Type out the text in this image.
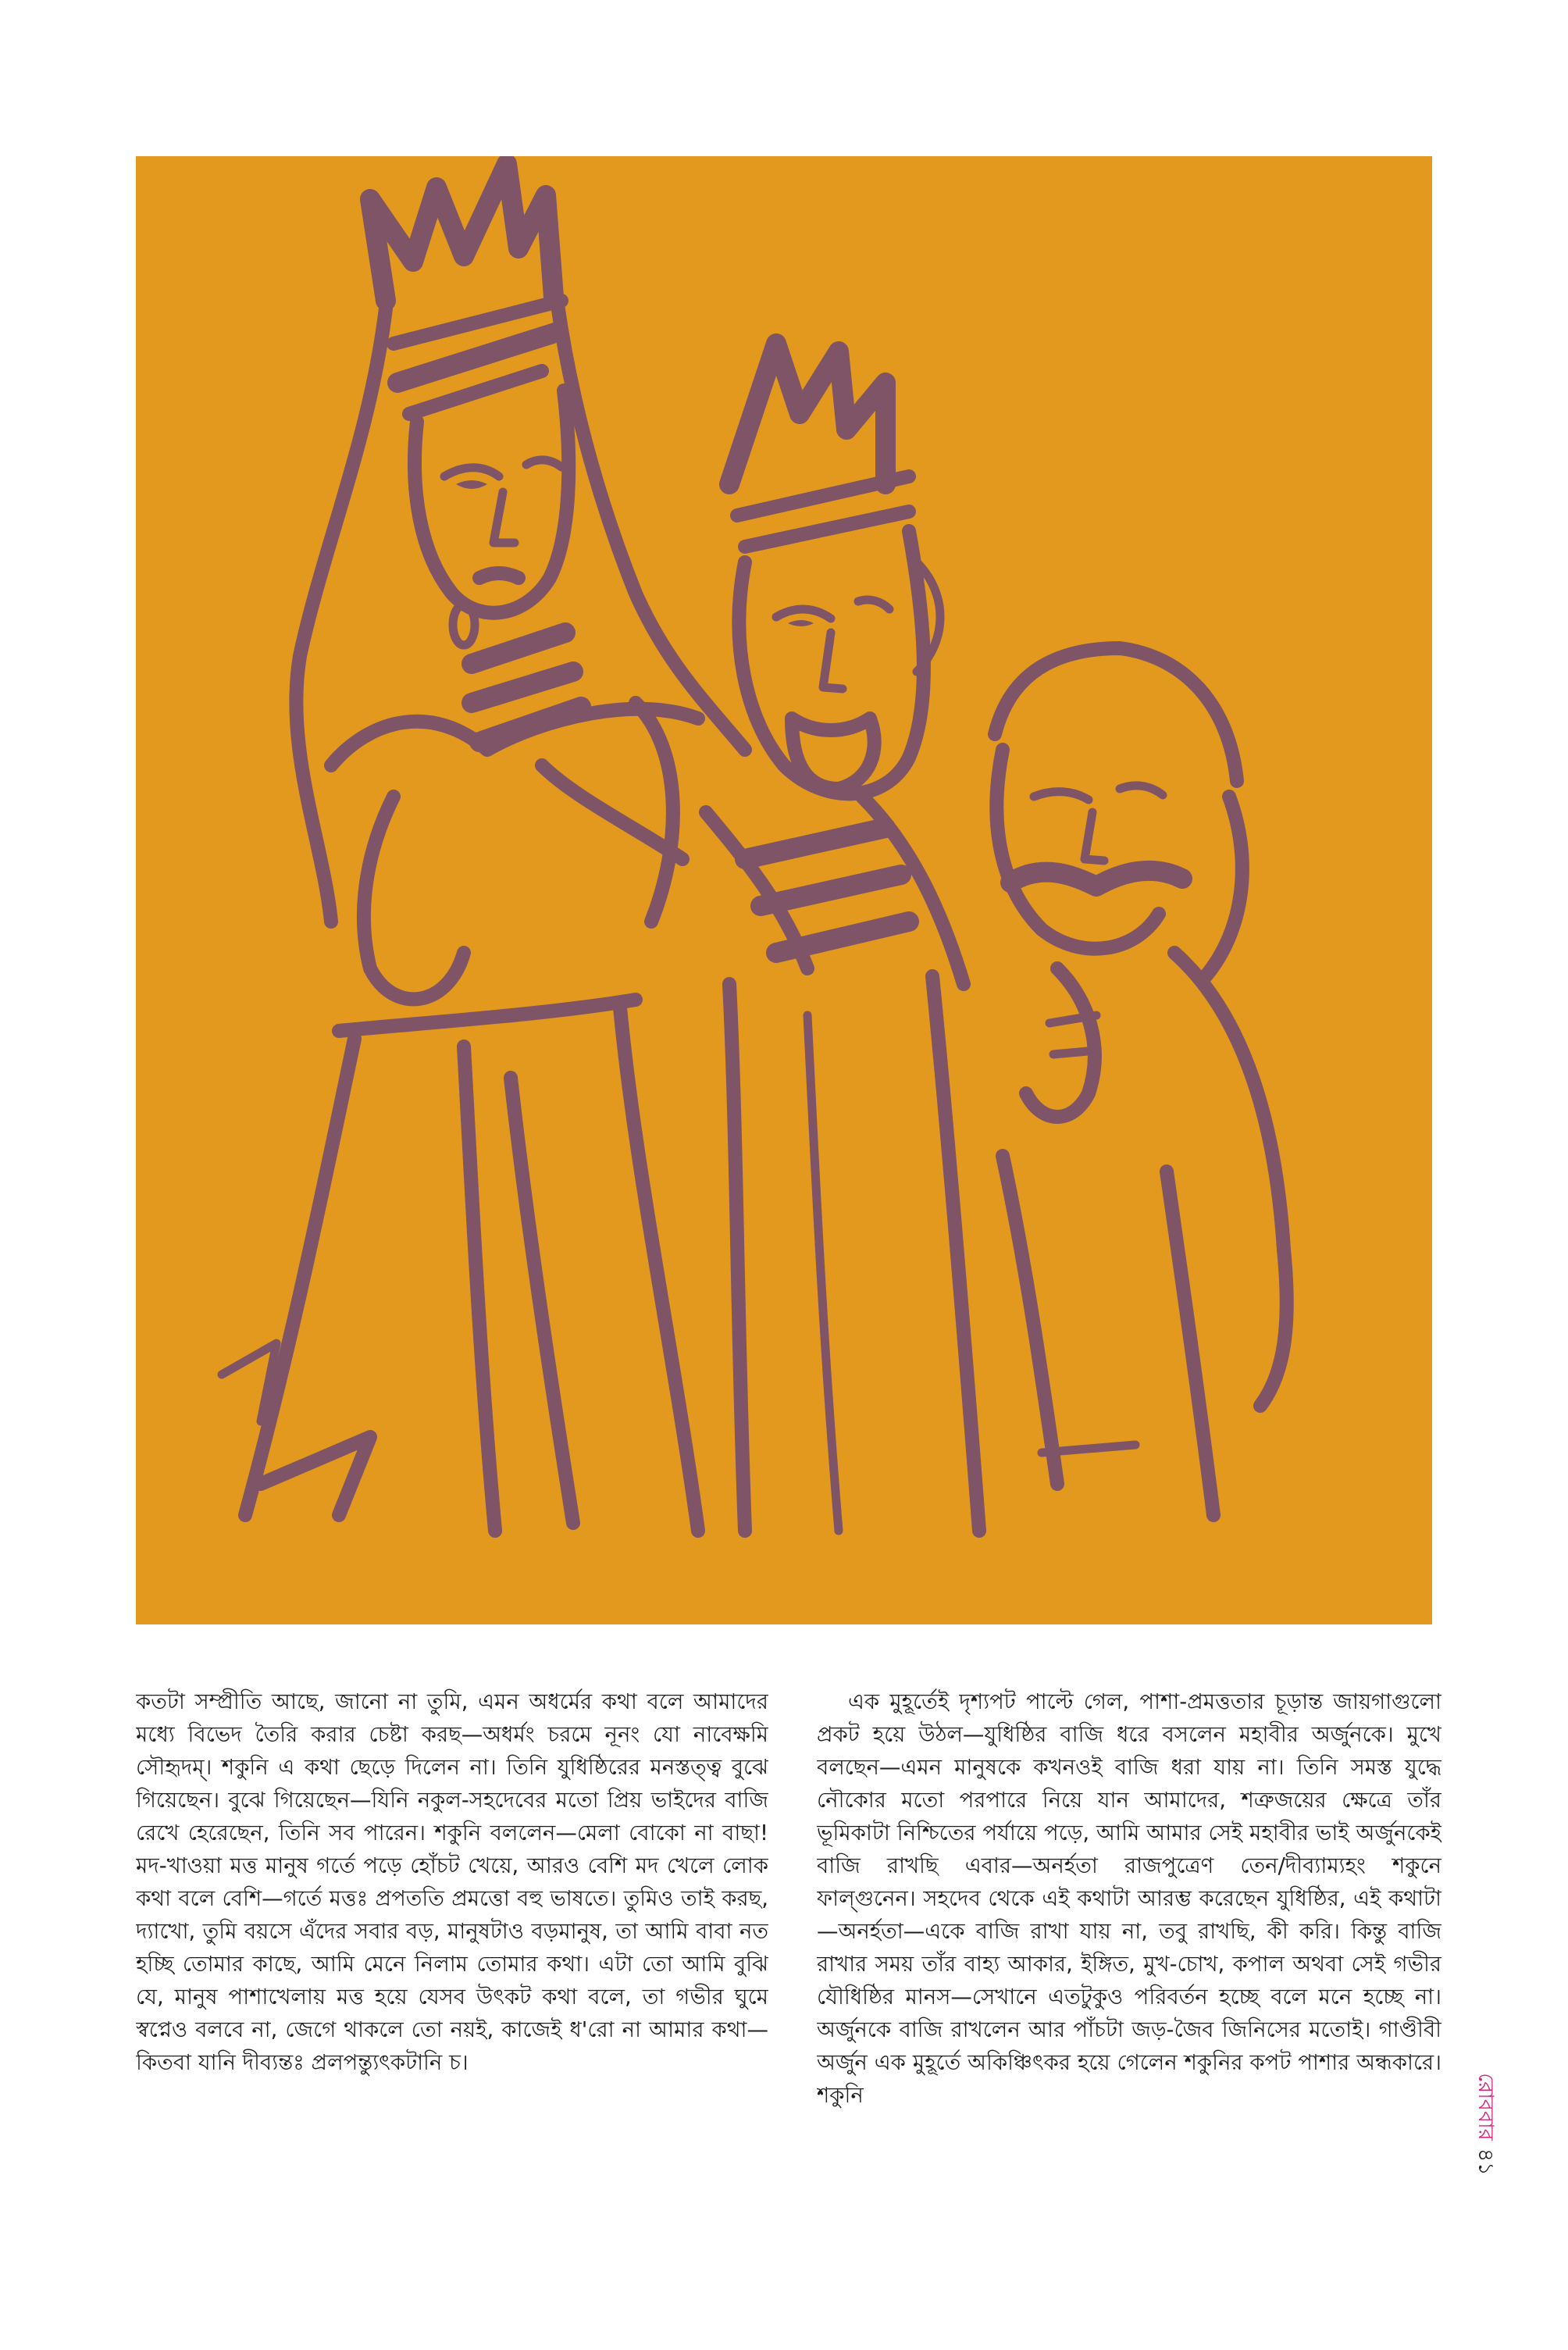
কতটা সম্প্রীতি আছে, জানো না তুমি, এমন অধর্মের কথা বলে আমাদের মধ্যে বিভেদ তৈরি করার চেষ্টা করছ—অধর্মং চরমে নূনং যো নাবেক্ষমি সৌহৃদম্। শকুনি এ কথা ছেড়ে দিলেন না। তিনি যুধিষ্ঠিরের মনস্তত্ত্ব বুঝে গিয়েছেন। বুঝে গিয়েছেন—যিনি নকুল-সহদেবের মতো প্রিয় ভাইদের বাজি রেখে হেরেছেন, তিনি সব পারেন। শকুনি বললেন—মেলা বোকো না বাছা! মদ-খাওয়া মত্ত মানুষ গর্তে পড়ে হোঁচট খেয়ে, আরও বেশি মদ খেলে লোক কথা বলে বেশি—গর্তে মত্তঃ প্রপততি প্রমত্তো বহু ভাষতে। তুমিও তাই করছ, দ্যাখো, তুমি বয়সে এঁদের সবার বড়, মানুষটাও বড়মানুষ, তা আমি বাবা নত হচ্ছি তোমার কাছে, আমি মেনে নিলাম তোমার কথা। এটা তো আমি বুঝি যে, মানুষ পাশাখেলায় মত্ত হয়ে যেসব উৎকট কথা বলে, তা গভীর ঘুমে স্বপ্নেও বলবে না, জেগে থাকলে তো নয়ই, কাজেই ধ'রো না আমার কথা—কিতবা যানি দীব্যন্তঃ প্রলপন্ত্যুৎকটানি চ।

এক মুহূর্তেই দৃশ্যপট পাল্টে গেল, পাশা-প্রমত্ততার চূড়ান্ত জায়গাগুলো প্রকট হয়ে উঠল—যুধিষ্ঠির বাজি ধরে বসলেন মহাবীর অর্জুনকে। মুখে বলছেন—এমন মানুষকে কখনওই বাজি ধরা যায় না। তিনি সমস্ত যুদ্ধে নৌকোর মতো পরপারে নিয়ে যান আমাদের, শত্রুজয়ের ক্ষেত্রে তাঁর ভূমিকাটা নিশ্চিতের পর্যায়ে পড়ে, আমি আমার সেই মহাবীর ভাই অর্জুনকেই বাজি রাখছি এবার—অনর্হতা রাজপুত্রেণ তেন/দীব্যাম্যহং শকুনে ফাল্গুনেন। সহদেব থেকে এই কথাটা আরম্ভ করেছেন যুধিষ্ঠির, এই কথাটা—অনর্হতা—একে বাজি রাখা যায় না, তবু রাখছি, কী করি। কিন্তু বাজি রাখার সময় তাঁর বাহ্য আকার, ইঙ্গিত, মুখ-চোখ, কপাল অথবা সেই গভীর যৌধিষ্ঠির মানস—সেখানে এতটুকুও পরিবর্তন হচ্ছে বলে মনে হচ্ছে না। অর্জুনকে বাজি রাখলেন আর পাঁচটা জড়-জৈব জিনিসের মতোই। গাণ্ডীবী অর্জুন এক মুহূর্তে অকিঞ্চিৎকর হয়ে গেলেন শকুনির কপট পাশার অন্ধকারে। শকুনি	রোববার৪১
